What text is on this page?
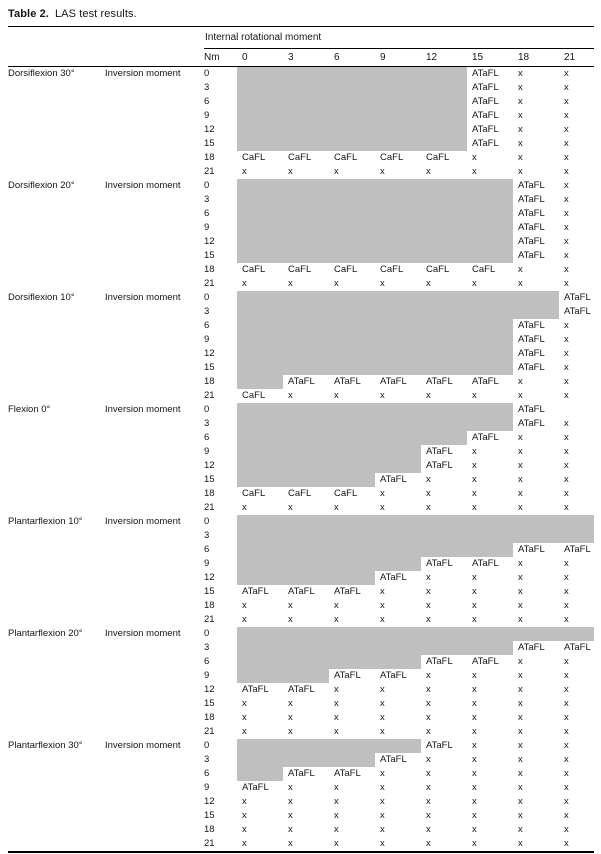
Table 2. LAS test results.
		Internal rotational moment								
		Nm	0	3	6	9	12	15	18	21
Dorsiflexion 30°	Inversion moment	0						ATaFL	x	x
		3						ATaFL	x	x
		6						ATaFL	x	x
		9						ATaFL	x	x
		12						ATaFL	x	x
		15						ATaFL	x	x
		18	CaFL	CaFL	CaFL	CaFL	CaFL	x	x	x
		21	x	x	x	x	x	x	x	x
Dorsiflexion 20°	Inversion moment	0							ATaFL	x
		3							ATaFL	x
		6							ATaFL	x
		9							ATaFL	x
		12							ATaFL	x
		15							ATaFL	x
		18	CaFL	CaFL	CaFL	CaFL	CaFL	CaFL	x	x
		21	x	x	x	x	x	x	x	x
Dorsiflexion 10°	Inversion moment	0								ATaFL
		3								ATaFL
		6							ATaFL	x
		9							ATaFL	x
		12							ATaFL	x
		15							ATaFL	x
		18		ATaFL	ATaFL	ATaFL	ATaFL	ATaFL	x	x
		21	CaFL	x	x	x	x	x	x	x
Flexion 0°	Inversion moment	0							ATaFL	
		3							ATaFL	x
		6						ATaFL	x	x
		9					ATaFL	x	x	x
		12					ATaFL	x	x	x
		15				ATaFL	x	x	x	x
		18	CaFL	CaFL	CaFL	x	x	x	x	x
		21	x	x	x	x	x	x	x	x
Plantarflexion 10°	Inversion moment	0								
		3								
		6							ATaFL	ATaFL
		9					ATaFL	ATaFL	x	x
		12				ATaFL	x	x	x	x
		15	ATaFL	ATaFL	ATaFL	x	x	x	x	x
		18	x	x	x	x	x	x	x	x
		21	x	x	x	x	x	x	x	x
Plantarflexion 20°	Inversion moment	0								
		3							ATaFL	ATaFL
		6					ATaFL	ATaFL	x	x
		9			ATaFL	ATaFL	x	x	x	x
		12	ATaFL	ATaFL	x	x	x	x	x	x
		15	x	x	x	x	x	x	x	x
		18	x	x	x	x	x	x	x	x
		21	x	x	x	x	x	x	x	x
Plantarflexion 30°	Inversion moment	0					ATaFL	x	x	x
		3				ATaFL	x	x	x	x
		6		ATaFL	ATaFL	x	x	x	x	x
		9	ATaFL	x	x	x	x	x	x	x
		12	x	x	x	x	x	x	x	x
		15	x	x	x	x	x	x	x	x
		18	x	x	x	x	x	x	x	x
		21	x	x	x	x	x	x	x	x
